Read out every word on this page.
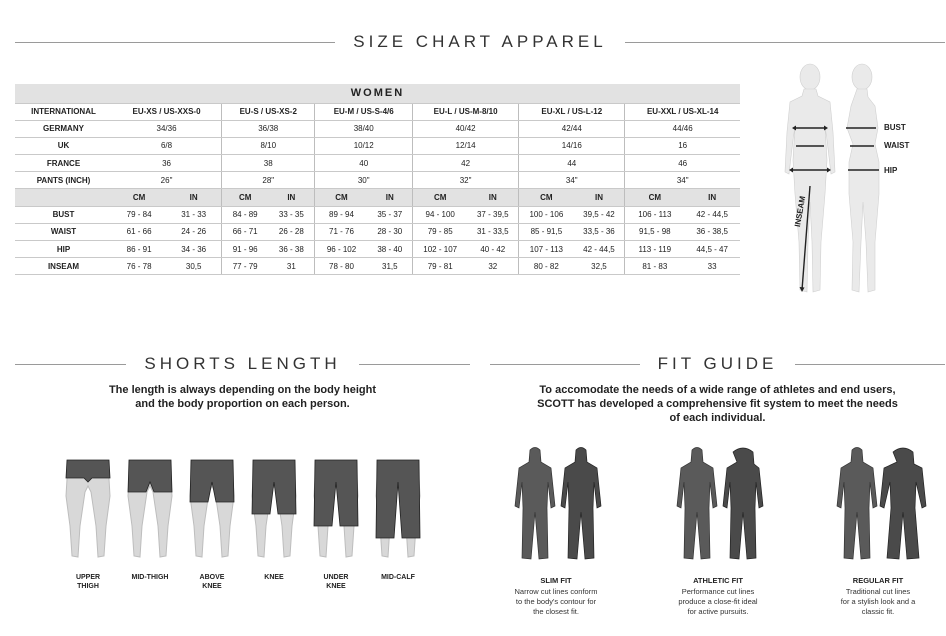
SIZE CHART APPAREL
WOMEN												
INTERNATIONAL	EU-XS / US-XXS-0		EU-S / US-XS-2		EU-M / US-S-4/6		EU-L / US-M-8/10		EU-XL / US-L-12		EU-XXL / US-XL-14	
GERMANY	34/36		36/38		38/40		40/42		42/44		44/46	
UK	6/8		8/10		10/12		12/14		14/16		16	
FRANCE	36		38		40		42		44		46	
PANTS (INCH)	26"		28"		30"		32"		34"		34"	
	CM	IN	CM	IN	CM	IN	CM	IN	CM	IN	CM	IN
BUST	79 - 84	31 - 33	84 - 89	33 - 35	89 - 94	35 - 37	94 - 100	37 - 39,5	100 - 106	39,5 - 42	106 - 113	42 - 44,5
WAIST	61 - 66	24 - 26	66 - 71	26 - 28	71 - 76	28 - 30	79 - 85	31 - 33,5	85 - 91,5	33,5 - 36	91,5 - 98	36 - 38,5
HIP	86 - 91	34 - 36	91 - 96	36 - 38	96 - 102	38 - 40	102 - 107	40 - 42	107 - 113	42 - 44,5	113 - 119	44,5 - 47
INSEAM	76 - 78	30,5	77 - 79	31	78 - 80	31,5	79 - 81	32	80 - 82	32,5	81 - 83	33
BUST
WAIST
HIP
INSEAM
SHORTS LENGTH
The length is always depending on the body height
and the body proportion on each person.
UPPER
THIGH
MID-THIGH	ABOVE
KNEE
KNEE	UNDER
KNEE
MID-CALF
FIT GUIDE
To accomodate the needs of a wide range of athletes and end users,
SCOTT has developed a comprehensive fit system to meet the needs
of each individual.
SLIM FIT
Narrow cut lines conform
to the body's contour for
the closest fit.
ATHLETIC FIT
Performance cut lines
produce a close-fit ideal
for active pursuits.
REGULAR FIT
Traditional cut lines
for a stylish look and a
classic fit.
